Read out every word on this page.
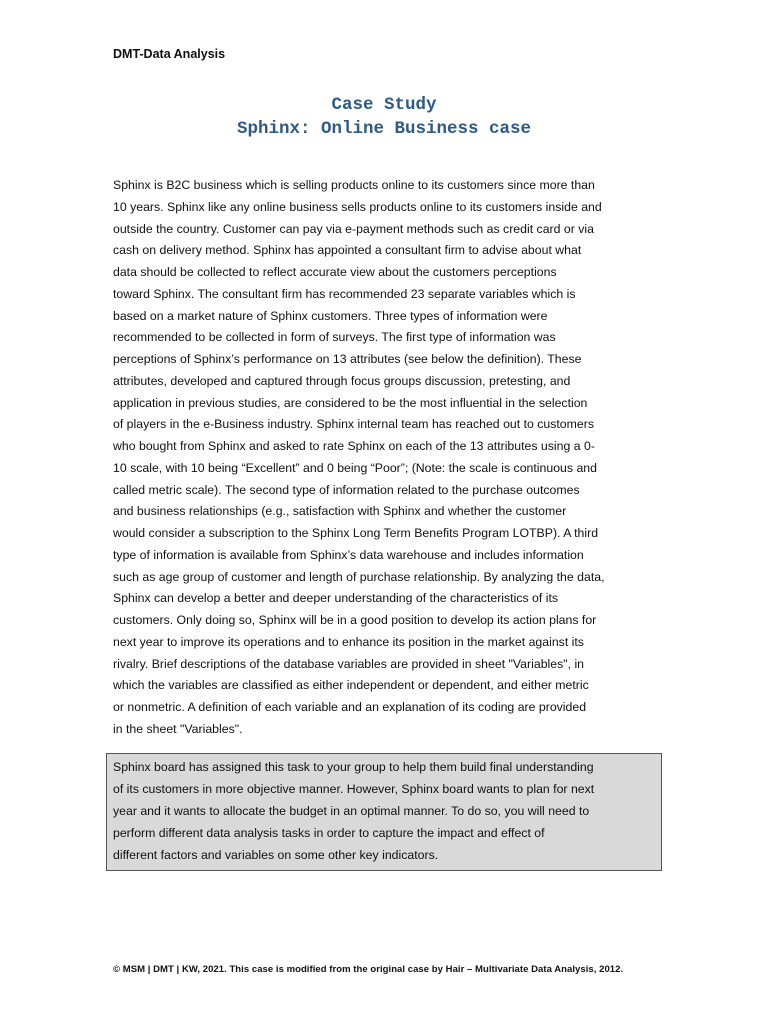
DMT-Data Analysis
Case Study
Sphinx: Online Business case
Sphinx is B2C business which is selling products online to its customers since more than
10 years. Sphinx like any online business sells products online to its customers inside and
outside the country. Customer can pay via e-payment methods such as credit card or via
cash on delivery method. Sphinx has appointed a consultant firm to advise about what
data should be collected to reflect accurate view about the customers perceptions
toward Sphinx. The consultant firm has recommended 23 separate variables which is
based on a market nature of Sphinx customers. Three types of information were
recommended to be collected in form of surveys. The first type of information was
perceptions of Sphinx’s performance on 13 attributes (see below the definition). These
attributes, developed and captured through focus groups discussion, pretesting, and
application in previous studies, are considered to be the most influential in the selection
of players in the e-Business industry. Sphinx internal team has reached out to customers
who bought from Sphinx and asked to rate Sphinx on each of the 13 attributes using a 0-
10 scale, with 10 being “Excellent” and 0 being “Poor”; (Note: the scale is continuous and
called metric scale). The second type of information related to the purchase outcomes
and business relationships (e.g., satisfaction with Sphinx and whether the customer
would consider a subscription to the Sphinx Long Term Benefits Program LOTBP). A third
type of information is available from Sphinx’s data warehouse and includes information
such as age group of customer and length of purchase relationship. By analyzing the data,
Sphinx can develop a better and deeper understanding of the characteristics of its
customers. Only doing so, Sphinx will be in a good position to develop its action plans for
next year to improve its operations and to enhance its position in the market against its
rivalry. Brief descriptions of the database variables are provided in sheet "Variables", in
which the variables are classified as either independent or dependent, and either metric
or nonmetric. A definition of each variable and an explanation of its coding are provided
in the sheet "Variables".
Sphinx board has assigned this task to your group to help them build final understanding
of its customers in more objective manner. However, Sphinx board wants to plan for next
year and it wants to allocate the budget in an optimal manner. To do so, you will need to
perform different data analysis tasks in order to capture the impact and effect of
different factors and variables on some other key indicators.
© MSM | DMT | KW, 2021. This case is modified from the original case by Hair – Multivariate Data Analysis, 2012.
